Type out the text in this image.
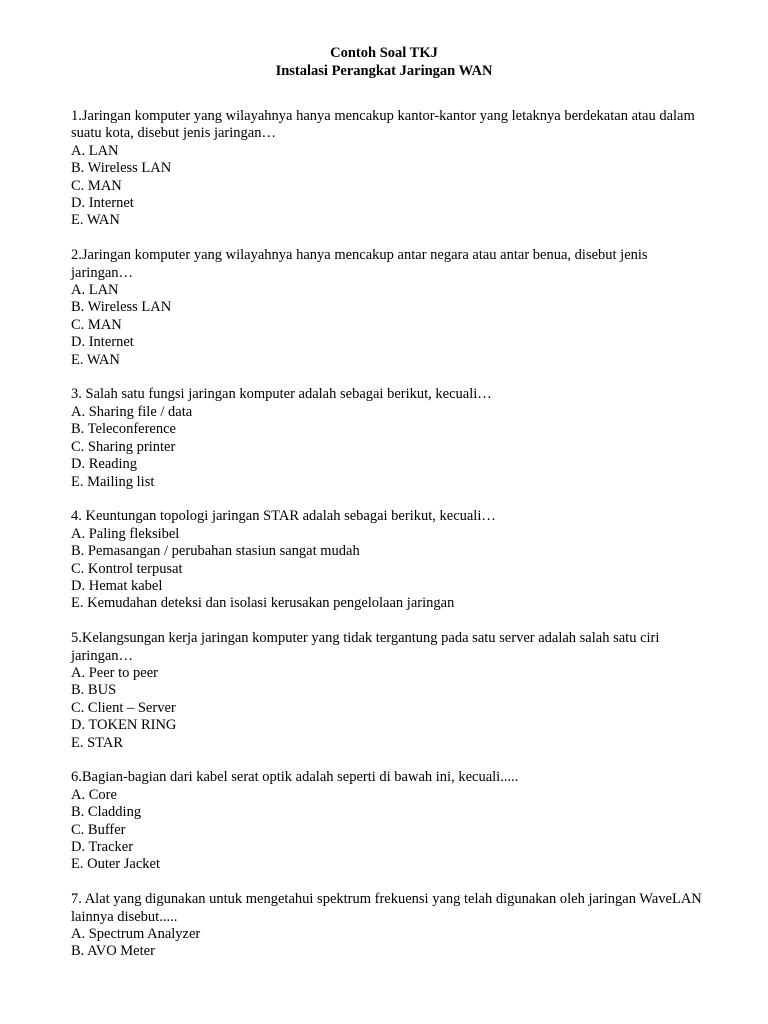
Contoh Soal TKJ
Instalasi Perangkat Jaringan WAN
1.Jaringan komputer yang wilayahnya hanya mencakup kantor-kantor yang letaknya berdekatan atau dalam suatu kota, disebut jenis jaringan…
A. LAN
B. Wireless LAN
C. MAN
D. Internet
E. WAN
2.Jaringan komputer yang wilayahnya hanya mencakup antar negara atau antar benua, disebut jenis jaringan…
A. LAN
B. Wireless LAN
C. MAN
D. Internet
E. WAN
3. Salah satu fungsi jaringan komputer adalah sebagai berikut, kecuali…
A. Sharing file / data
B. Teleconference
C. Sharing printer
D. Reading
E. Mailing list
4. Keuntungan topologi jaringan STAR adalah sebagai berikut, kecuali…
A. Paling fleksibel
B. Pemasangan / perubahan stasiun sangat mudah
C. Kontrol terpusat
D. Hemat kabel
E. Kemudahan deteksi dan isolasi kerusakan pengelolaan jaringan
5.Kelangsungan kerja jaringan komputer yang tidak tergantung pada satu server adalah salah satu ciri jaringan…
A. Peer to peer
B. BUS
C. Client – Server
D. TOKEN RING
E. STAR
6.Bagian-bagian dari kabel serat optik adalah seperti di bawah ini, kecuali.....
A. Core
B. Cladding
C. Buffer
D. Tracker
E. Outer Jacket
7. Alat yang digunakan untuk mengetahui spektrum frekuensi yang telah digunakan oleh jaringan WaveLAN lainnya disebut.....
A. Spectrum Analyzer
B. AVO Meter
